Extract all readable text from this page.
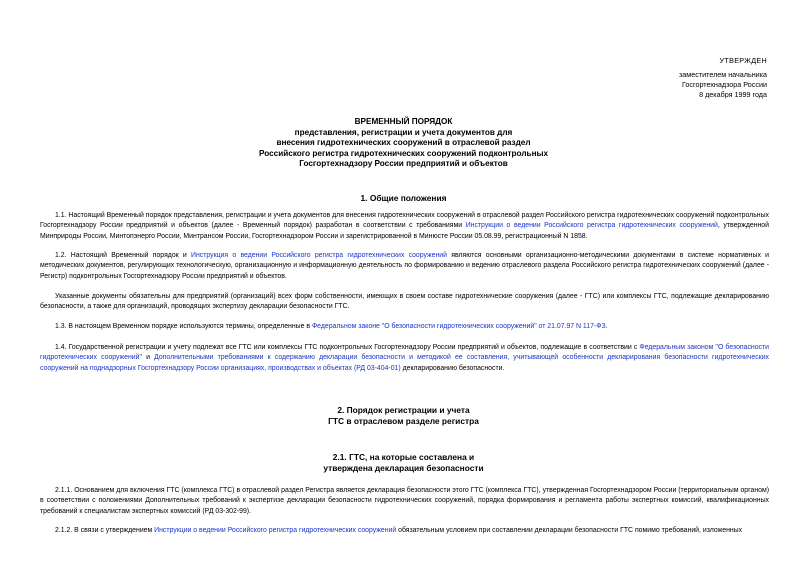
УТВЕРЖДЕН
заместителем начальника
Госгортехнадзора России
8 декабря 1999 года
ВРЕМЕННЫЙ ПОРЯДОК
представления, регистрации и учета документов для
внесения гидротехнических сооружений в отраслевой раздел
Российского регистра гидротехнических сооружений подконтрольных
Госгортехнадзору России предприятий и объектов
1. Общие положения
1.1. Настоящий Временный порядок представления, регистрации и учета документов для внесения гидротехнических сооружений в отраслевой раздел Российского регистра гидротехнических сооружений подконтрольных Госгортехнадзору России предприятий и объектов (далее - Временный порядок) разработан в соответствии с требованиями Инструкции о ведении Российского регистра гидротехнических сооружений, утвержденной Минприроды России, Минтопэнерго России, Минтрансом России, Госгортехнадзором России и зарегистрированной в Минюсте России 05.08.99, регистрационный N 1858.
1.2. Настоящий Временный порядок и Инструкция о ведении Российского регистра гидротехнических сооружений являются основными организационно-методическими документами в системе нормативных и методических документов, регулирующих технологическую, организационную и информационную деятельность по формированию и ведению отраслевого раздела Российского регистра гидротехнических сооружений (далее - Регистр) подконтрольных Госгортехнадзору России предприятий и объектов.
Указанные документы обязательны для предприятий (организаций) всех форм собственности, имеющих в своем составе гидротехнические сооружения (далее - ГТС) или комплексы ГТС, подлежащие декларированию безопасности, а также для организаций, проводящих экспертизу декларации безопасности ГТС.
1.3. В настоящем Временном порядке используются термины, определенные в Федеральном законе "О безопасности гидротехнических сооружений" от 21.07.97 N 117-ФЗ.
1.4. Государственной регистрации и учету подлежат все ГТС или комплексы ГТС подконтрольных Госгортехнадзору России предприятий и объектов, подлежащие в соответствии с Федеральным законом "О безопасности гидротехнических сооружений" и Дополнительными требованиями к содержанию декларации безопасности и методикой ее составления, учитывающей особенности декларирования безопасности гидротехнических сооружений на поднадзорных Госгортехнадзору России организациях, производствах и объектах (РД 03-404-01) декларированию безопасности.
2. Порядок регистрации и учета
ГТС в отраслевом разделе регистра
2.1. ГТС, на которые составлена и
утверждена декларация безопасности
2.1.1. Основанием для включения ГТС (комплекса ГТС) в отраслевой раздел Регистра является декларация безопасности этого ГТС (комплекса ГТС), утвержденная Госгортехнадзором России (территориальным органом) в соответствии с положениями Дополнительных требований к экспертизе декларации безопасности гидротехнических сооружений, порядка формирования и регламента работы экспертных комиссий, квалификационных требований к специалистам экспертных комиссий (РД 03-302-99).
2.1.2. В связи с утверждением Инструкции о ведении Российского регистра гидротехнических сооружений обязательным условием при составлении декларации безопасности ГТС помимо требований, изложенных
